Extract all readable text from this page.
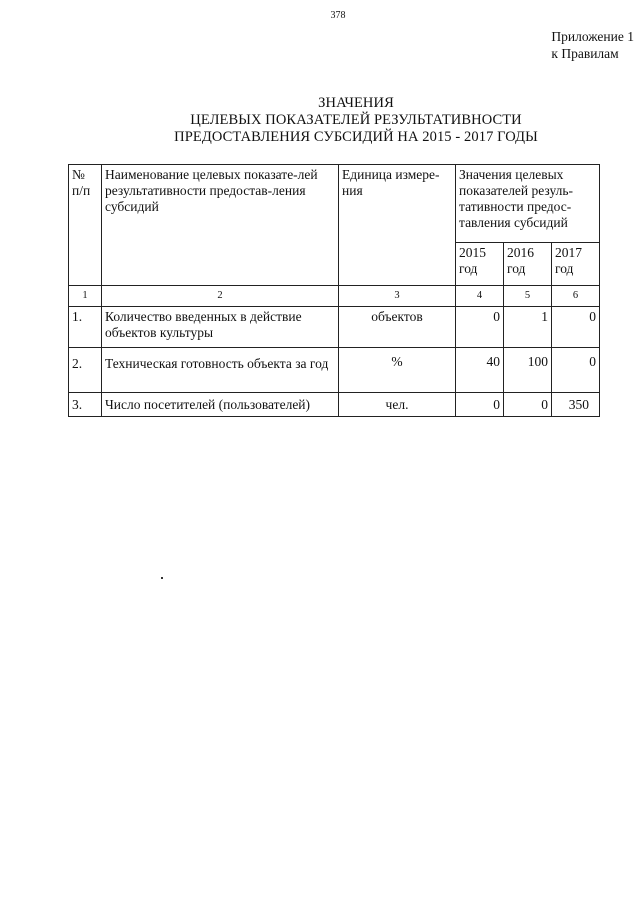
378
Приложение 1
к Правилам
ЗНАЧЕНИЯ
ЦЕЛЕВЫХ ПОКАЗАТЕЛЕЙ РЕЗУЛЬТАТИВНОСТИ
ПРЕДОСТАВЛЕНИЯ СУБСИДИЙ НА 2015 - 2017 ГОДЫ
№ п/п	Наименование целевых показате-лей результативности предостав-ления субсидий	Единица измере-ния	Значения целевых показателей резуль-тативности предос-тавления субсидий		
			2015 год	2016 год	2017 год
1	2	3	4	5	6
1.	Количество введенных в действие объектов культуры	объектов	0	1	0
2.	Техническая готовность объекта за год	%	40	100	0
3.	Число посетителей (пользователей)	чел.	0	0	350
